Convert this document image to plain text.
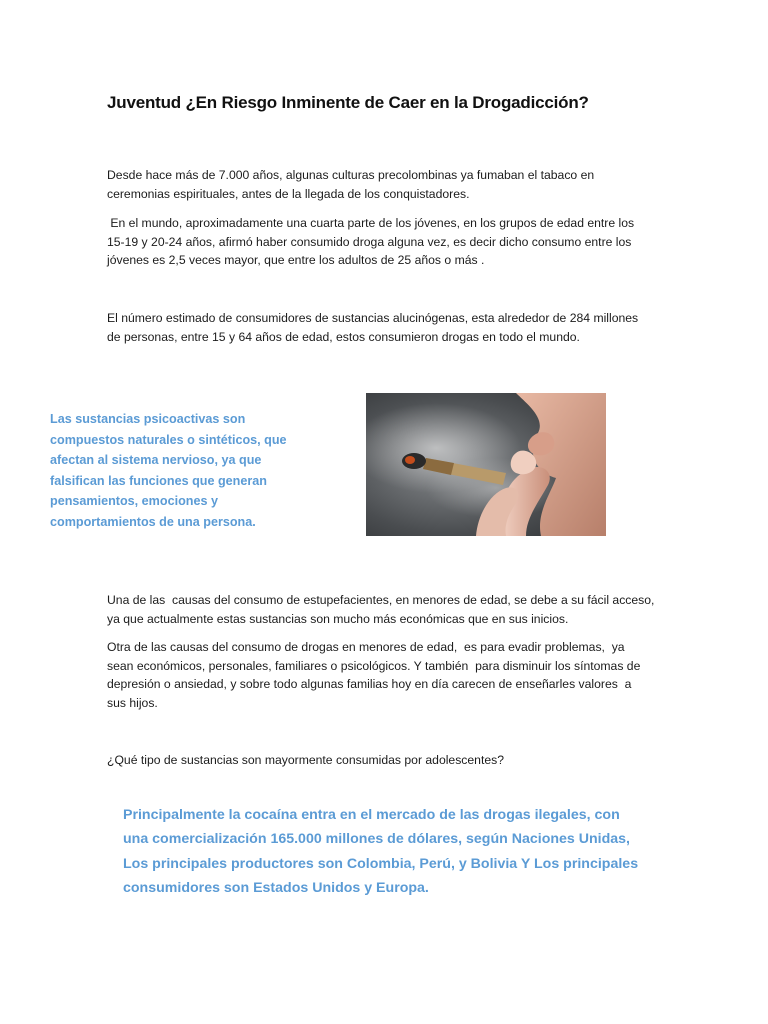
Juventud ¿En Riesgo Inminente de Caer en la Drogadicción?
Desde hace más de 7.000 años, algunas culturas precolombinas ya fumaban el tabaco en
ceremonias espirituales, antes de la llegada de los conquistadores.
En el mundo, aproximadamente una cuarta parte de los jóvenes, en los grupos de edad entre los
15-19 y 20-24 años, afirmó haber consumido droga alguna vez, es decir dicho consumo entre los
jóvenes es 2,5 veces mayor, que entre los adultos de 25 años o más .
El número estimado de consumidores de sustancias alucinógenas, esta alrededor de 284 millones
de personas, entre 15 y 64 años de edad, estos consumieron drogas en todo el mundo.
Las sustancias psicoactivas son
compuestos naturales o sintéticos, que
afectan al sistema nervioso, ya que
falsifican las funciones que generan
pensamientos, emociones y
comportamientos de una persona.
Una de las  causas del consumo de estupefacientes, en menores de edad, se debe a su fácil acceso,
ya que actualmente estas sustancias son mucho más económicas que en sus inicios.
Otra de las causas del consumo de drogas en menores de edad,  es para evadir problemas,  ya
sean económicos, personales, familiares o psicológicos. Y también  para disminuir los síntomas de
depresión o ansiedad, y sobre todo algunas familias hoy en día carecen de enseñarles valores  a
sus hijos.
¿Qué tipo de sustancias son mayormente consumidas por adolescentes?
Principalmente la cocaína entra en el mercado de las drogas ilegales, con
una comercialización 165.000 millones de dólares, según Naciones Unidas,
Los principales productores son Colombia, Perú, y Bolivia Y Los principales
consumidores son Estados Unidos y Europa.
